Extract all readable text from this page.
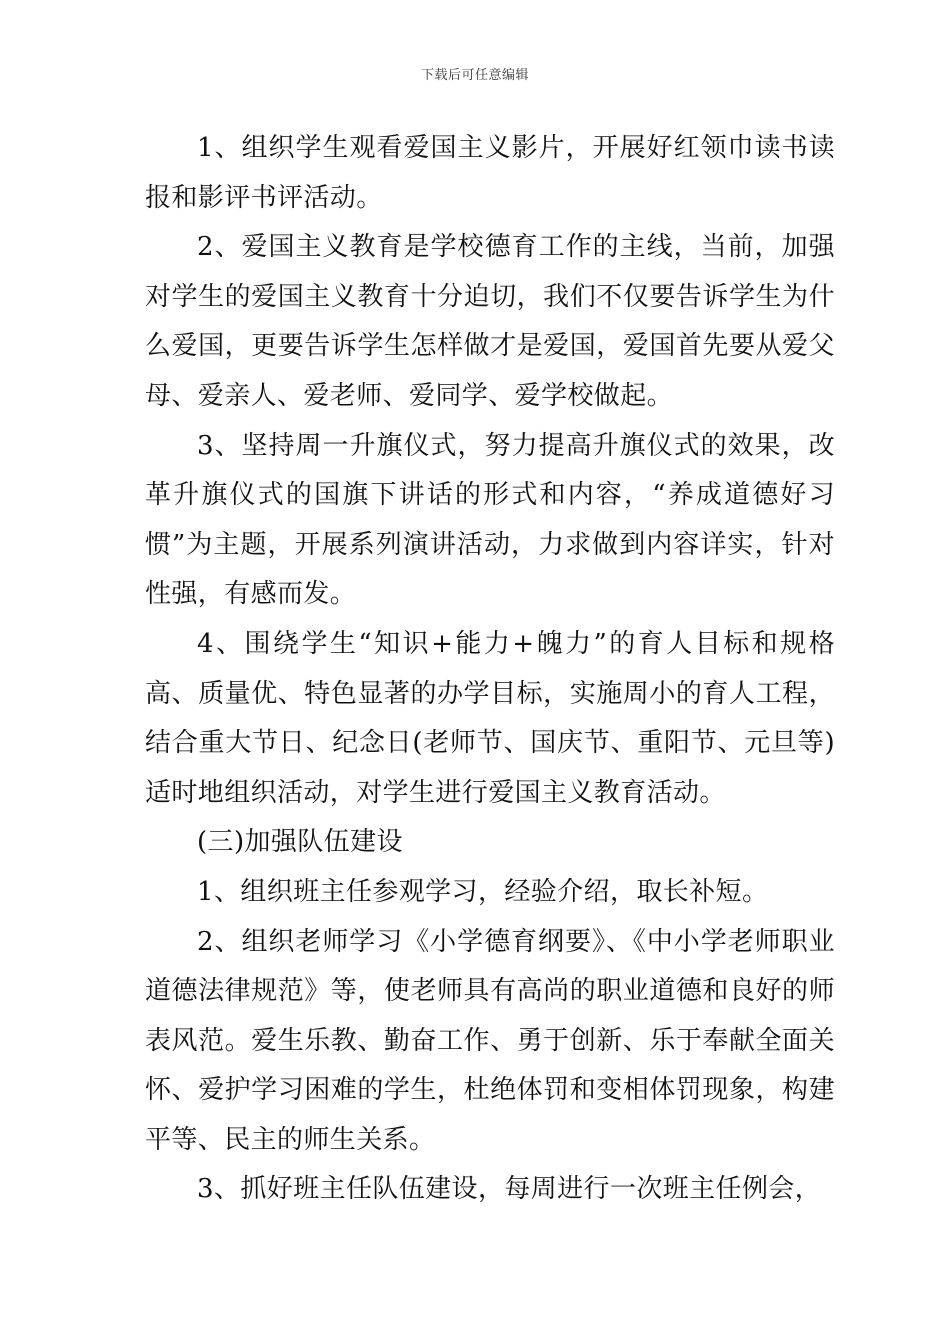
下载后可任意编辑

1、组织学生观看爱国主义影片，开展好红领巾读书读报和影评书评活动。

2、爱国主义教育是学校德育工作的主线，当前，加强对学生的爱国主义教育十分迫切，我们不仅要告诉学生为什么爱国，更要告诉学生怎样做才是爱国，爱国首先要从爱父母、爱亲人、爱老师、爱同学、爱学校做起。

3、坚持周一升旗仪式，努力提高升旗仪式的效果，改革升旗仪式的国旗下讲话的形式和内容，“养成道德好习惯”为主题，开展系列演讲活动，力求做到内容详实，针对性强，有感而发。

4、围绕学生“知识+能力+魄力”的育人目标和规格高、质量优、特色显著的办学目标，实施周小的育人工程，结合重大节日、纪念日(老师节、国庆节、重阳节、元旦等)适时地组织活动，对学生进行爱国主义教育活动。

(三)加强队伍建设

1、组织班主任参观学习，经验介绍，取长补短。

2、组织老师学习《小学德育纲要》、《中小学老师职业道德法律规范》等，使老师具有高尚的职业道德和良好的师表风范。爱生乐教、勤奋工作、勇于创新、乐于奉献全面关怀、爱护学习困难的学生，杜绝体罚和变相体罚现象，构建平等、民主的师生关系。

3、抓好班主任队伍建设，每周进行一次班主任例会，
